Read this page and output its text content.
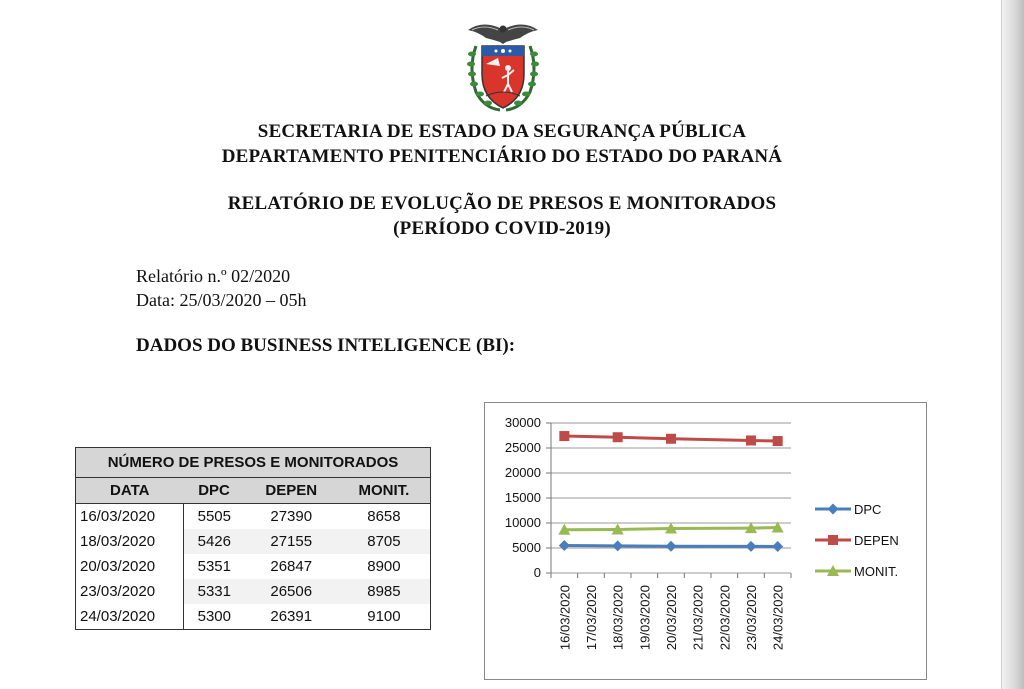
SECRETARIA DE ESTADO DA SEGURANÇA PÚBLICA
DEPARTAMENTO PENITENCIÁRIO DO ESTADO DO PARANÁ
RELATÓRIO DE EVOLUÇÃO DE PRESOS E MONITORADOS
(PERÍODO COVID-2019)
Relatório n.º 02/2020
Data: 25/03/2020 – 05h
DADOS DO BUSINESS INTELIGENCE (BI):
NÚMERO DE PRESOS E MONITORADOS			
DATA	DPC	DEPEN	MONIT.
16/03/2020	5505	27390	8658
18/03/2020	5426	27155	8705
20/03/2020	5351	26847	8900
23/03/2020	5331	26506	8985
24/03/2020	5300	26391	9100
0
5000
10000
15000
20000
25000
30000
16/03/2020 17/03/2020 18/03/2020 19/03/2020 20/03/2020 21/03/2020 22/03/2020 23/03/2020 24/03/2020
DPC
DEPEN
MONIT.
